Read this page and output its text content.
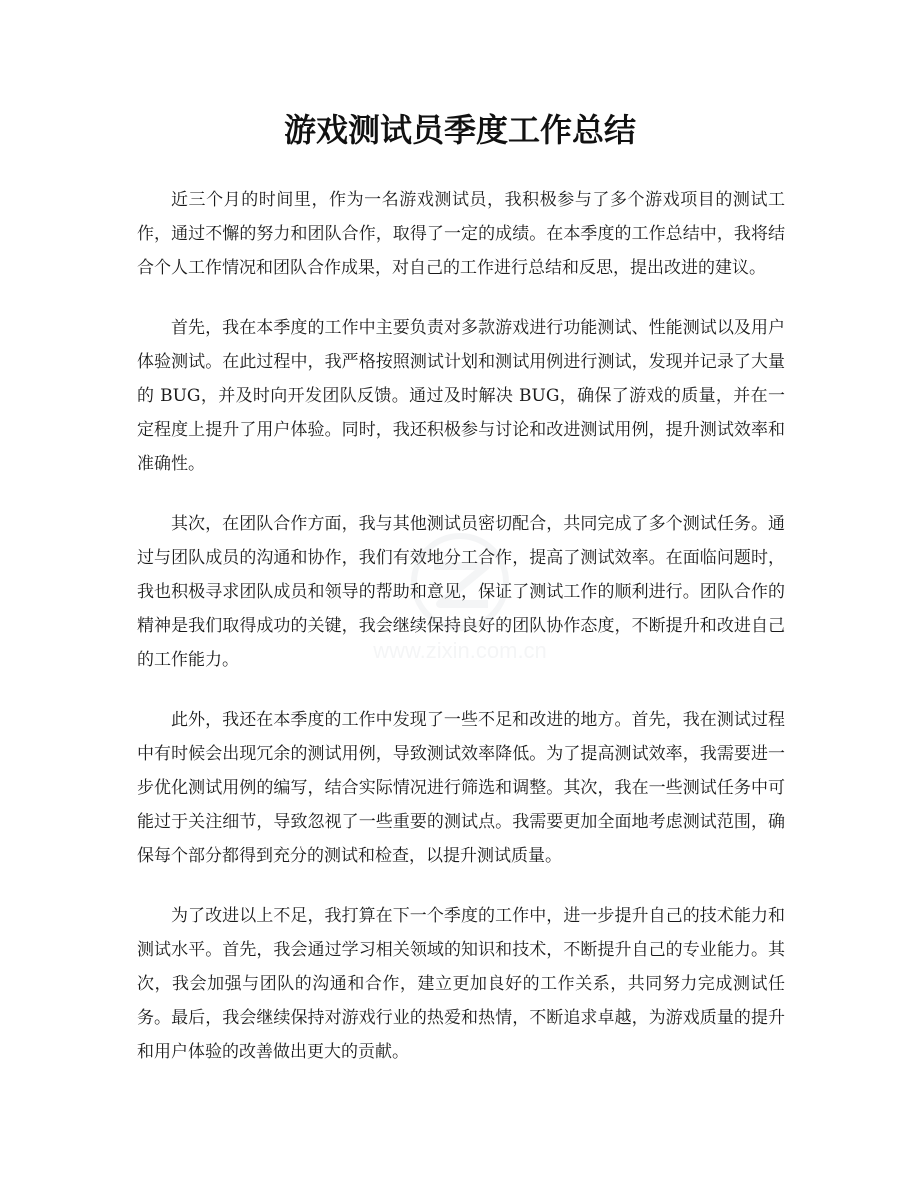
游戏测试员季度工作总结

近三个月的时间里，作为一名游戏测试员，我积极参与了多个游戏项目的测试工作，通过不懈的努力和团队合作，取得了一定的成绩。在本季度的工作总结中，我将结合个人工作情况和团队合作成果，对自己的工作进行总结和反思，提出改进的建议。

首先，我在本季度的工作中主要负责对多款游戏进行功能测试、性能测试以及用户体验测试。在此过程中，我严格按照测试计划和测试用例进行测试，发现并记录了大量的 BUG，并及时向开发团队反馈。通过及时解决 BUG，确保了游戏的质量，并在一定程度上提升了用户体验。同时，我还积极参与讨论和改进测试用例，提升测试效率和准确性。

其次，在团队合作方面，我与其他测试员密切配合，共同完成了多个测试任务。通过与团队成员的沟通和协作，我们有效地分工合作，提高了测试效率。在面临问题时，我也积极寻求团队成员和领导的帮助和意见，保证了测试工作的顺利进行。团队合作的精神是我们取得成功的关键，我会继续保持良好的团队协作态度，不断提升和改进自己的工作能力。

此外，我还在本季度的工作中发现了一些不足和改进的地方。首先，我在测试过程中有时候会出现冗余的测试用例，导致测试效率降低。为了提高测试效率，我需要进一步优化测试用例的编写，结合实际情况进行筛选和调整。其次，我在一些测试任务中可能过于关注细节，导致忽视了一些重要的测试点。我需要更加全面地考虑测试范围，确保每个部分都得到充分的测试和检查，以提升测试质量。

为了改进以上不足，我打算在下一个季度的工作中，进一步提升自己的技术能力和测试水平。首先，我会通过学习相关领域的知识和技术，不断提升自己的专业能力。其次，我会加强与团队的沟通和合作，建立更加良好的工作关系，共同努力完成测试任务。最后，我会继续保持对游戏行业的热爱和热情，不断追求卓越，为游戏质量的提升和用户体验的改善做出更大的贡献。

www.zixin.com.cn
